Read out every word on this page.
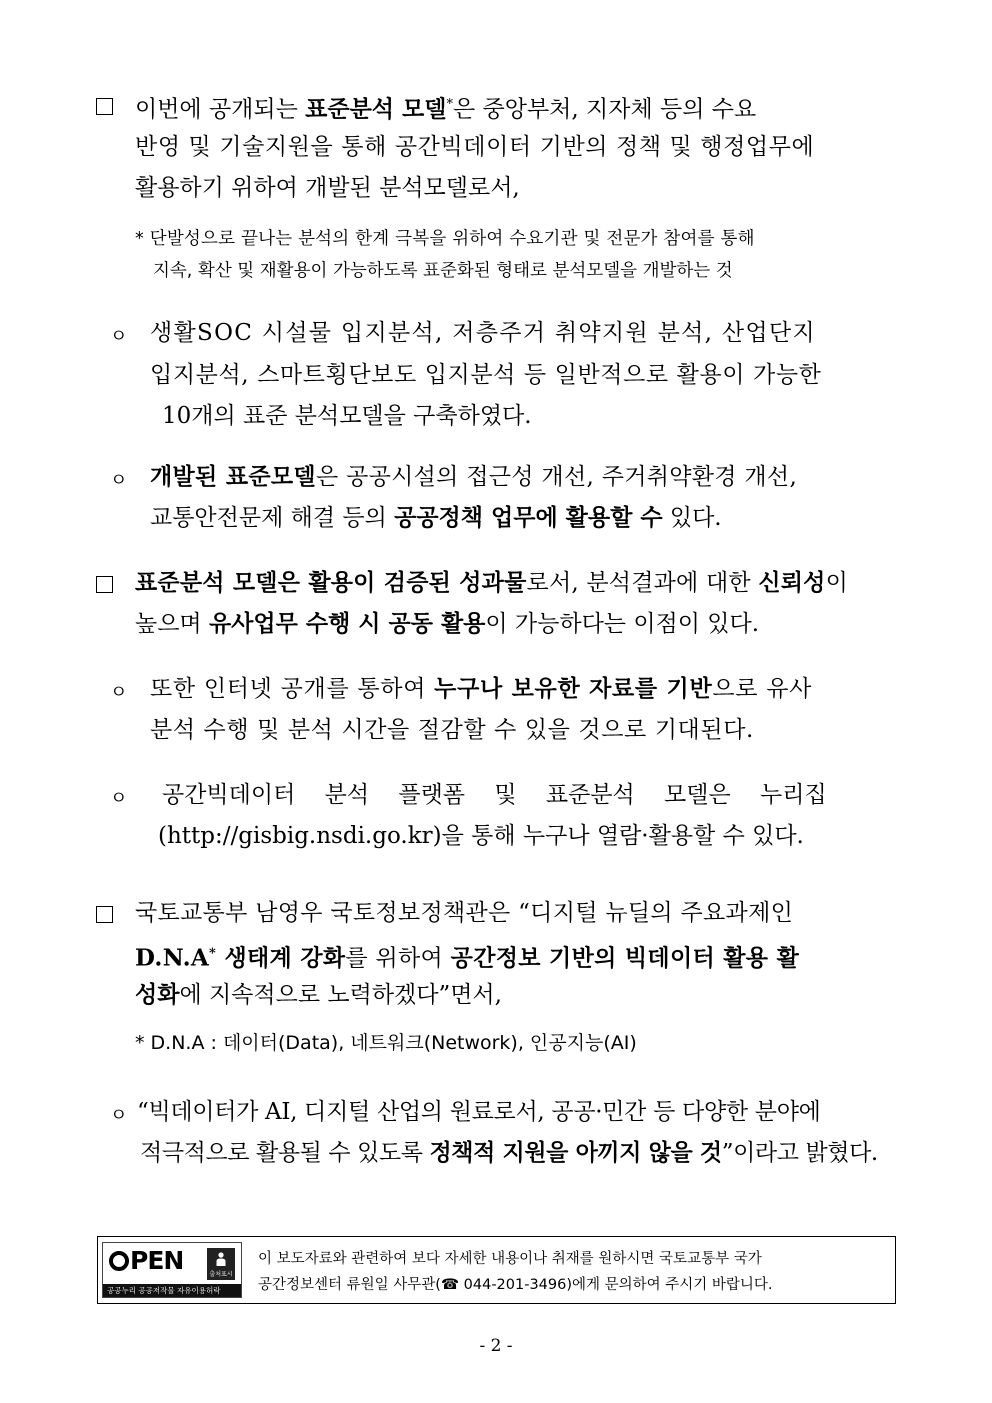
이번에 공개되는 표준분석 모델*은 중앙부처, 지자체 등의 수요
반영 및 기술지원을 통해 공간빅데이터 기반의 정책 및 행정업무에
활용하기 위하여 개발된 분석모델로서,
* 단발성으로 끝나는 분석의 한계 극복을 위하여 수요기관 및 전문가 참여를 통해
지속, 확산 및 재활용이 가능하도록 표준화된 형태로 분석모델을 개발하는 것
ㅇ 생활SOC 시설물 입지분석, 저층주거 취약지원 분석, 산업단지
입지분석, 스마트횡단보도 입지분석 등 일반적으로 활용이 가능한
10개의 표준 분석모델을 구축하였다.
ㅇ 개발된 표준모델은 공공시설의 접근성 개선, 주거취약환경 개선,
교통안전문제 해결 등의 공공정책 업무에 활용할 수 있다.
표준분석 모델은 활용이 검증된 성과물로서, 분석결과에 대한 신뢰성이
높으며 유사업무 수행 시 공동 활용이 가능하다는 이점이 있다.
ㅇ 또한 인터넷 공개를 통하여 누구나 보유한 자료를 기반으로 유사
분석 수행 및 분석 시간을 절감할 수 있을 것으로 기대된다.
ㅇ 공간빅데이터 분석 플랫폼 및 표준분석 모델은 누리집
(http://gisbig.nsdi.go.kr)을 통해 누구나 열람·활용할 수 있다.
국토교통부 남영우 국토정보정책관은 “디지털 뉴딜의 주요과제인
D.N.A* 생태계 강화를 위하여 공간정보 기반의 빅데이터 활용 활
성화에 지속적으로 노력하겠다”면서,
* D.N.A : 데이터(Data), 네트워크(Network), 인공지능(AI)
ㅇ “빅데이터가 AI, 디지털 산업의 원료로서, 공공·민간 등 다양한 분야에
적극적으로 활용될 수 있도록 정책적 지원을 아끼지 않을 것”이라고 밝혔다.
PEN	출처표시
공공누리 공공저작물 자유이용허락
이 보도자료와 관련하여 보다 자세한 내용이나 취재를 원하시면 국토교통부 국가
공간정보센터 류원일 사무관(☎ 044-201-3496)에게 문의하여 주시기 바랍니다.
- 2 -
